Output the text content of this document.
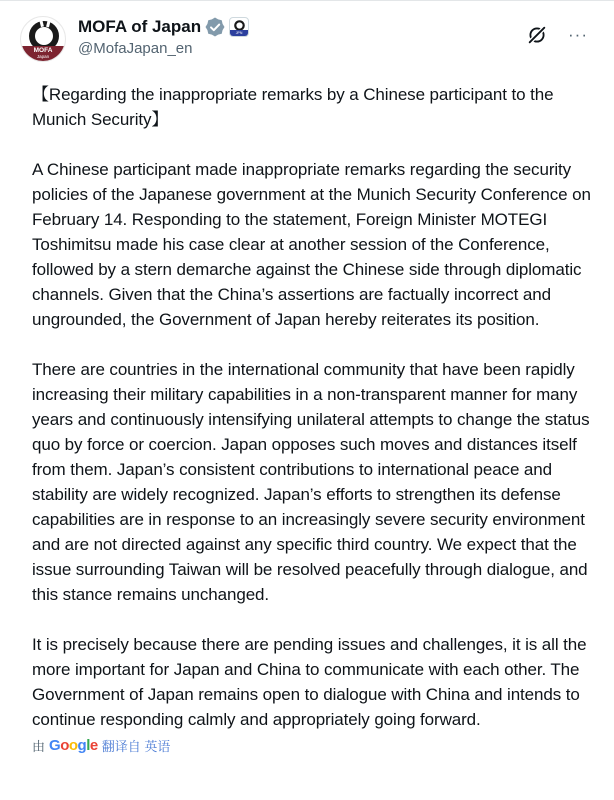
MOFA
Japan
MOFA of Japan	JPN
@MofaJapan_en
···

【Regarding the inappropriate remarks by a Chinese participant to the Munich Security】

A Chinese participant made inappropriate remarks regarding the security policies of the Japanese government at the Munich Security Conference on February 14. Responding to the statement, Foreign Minister MOTEGI Toshimitsu made his case clear at another session of the Conference, followed by a stern demarche against the Chinese side through diplomatic channels. Given that the China’s assertions are factually incorrect and ungrounded, the Government of Japan hereby reiterates its position.

There are countries in the international community that have been rapidly increasing their military capabilities in a non-transparent manner for many years and continuously intensifying unilateral attempts to change the status quo by force or coercion. Japan opposes such moves and distances itself from them. Japan’s consistent contributions to international peace and stability are widely recognized. Japan’s efforts to strengthen its defense capabilities are in response to an increasingly severe security environment and are not directed against any specific third country. We expect that the issue surrounding Taiwan will be resolved peacefully through dialogue, and this stance remains unchanged.

It is precisely because there are pending issues and challenges, it is all the more important for Japan and China to communicate with each other. The Government of Japan remains open to dialogue with China and intends to continue responding calmly and appropriately going forward.

由 G o o g l e 翻译自 英语
